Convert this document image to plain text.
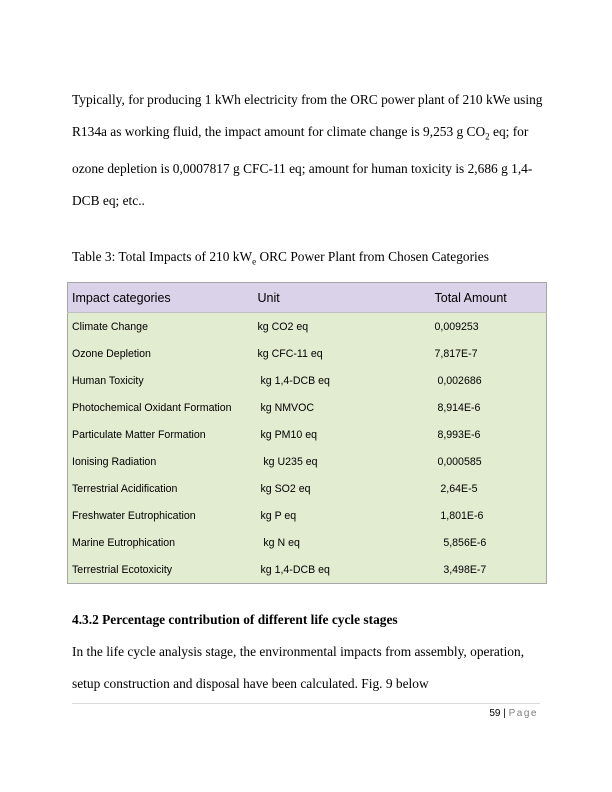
Typically, for producing 1 kWh electricity from the ORC power plant of 210 kWe using R134a as working fluid, the impact amount for climate change is 9,253 g $CO_2$ eq; for ozone depletion is 0,0007817 g CFC-11 eq; amount for human toxicity is 2,686 g 1,4-DCB eq; etc..

Table 3: Total Impacts of 210 $kW_e$ ORC Power Plant from Chosen Categories

Impact categories	Unit	Total Amount
Climate Change	kg CO2 eq	0,009253
Ozone Depletion	kg CFC-11 eq	7,817E-7
Human Toxicity	kg 1,4-DCB eq	0,002686
Photochemical Oxidant Formation	kg NMVOC	8,914E-6
Particulate Matter Formation	kg PM10 eq	8,993E-6
Ionising Radiation	kg U235 eq	0,000585
Terrestrial Acidification	kg SO2 eq	2,64E-5
Freshwater Eutrophication	kg P eq	1,801E-6
Marine Eutrophication	kg N eq	5,856E-6
Terrestrial Ecotoxicity	kg 1,4-DCB eq	3,498E-7

4.3.2 Percentage contribution of different life cycle stages

In the life cycle analysis stage, the environmental impacts from assembly, operation, setup construction and disposal have been calculated. Fig. 9 below

59 | Page
